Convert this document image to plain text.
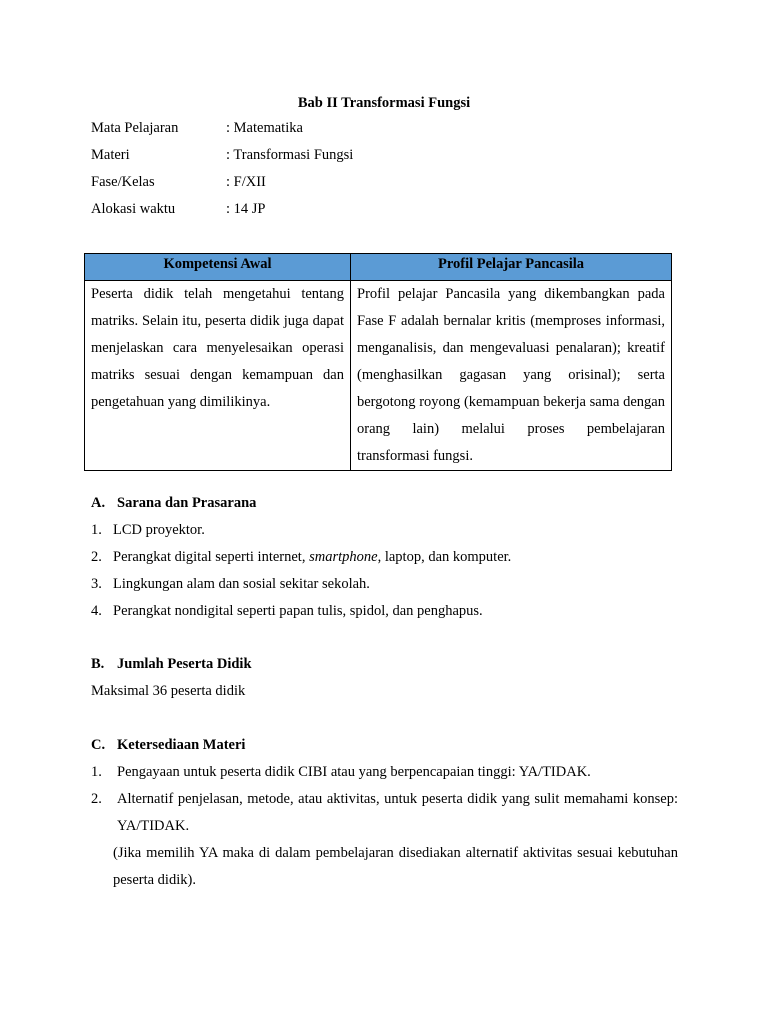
Bab II Transformasi Fungsi
Mata Pelajaran	: Matematika
Materi	: Transformasi Fungsi
Fase/Kelas	: F/XII
Alokasi waktu	: 14 JP
Kompetensi Awal	Profil Pelajar Pancasila
Peserta didik telah mengetahui tentang matriks. Selain itu, peserta didik juga dapat menjelaskan cara menyelesaikan operasi matriks sesuai dengan kemampuan dan pengetahuan yang dimilikinya.	Profil pelajar Pancasila yang dikembangkan pada Fase F adalah bernalar kritis (memproses informasi, menganalisis, dan mengevaluasi penalaran); kreatif (menghasilkan gagasan yang orisinal); serta bergotong royong (kemampuan bekerja sama dengan orang lain) melalui proses pembelajaran transformasi fungsi.
A. Sarana dan Prasarana
1. LCD proyektor.
2. Perangkat digital seperti internet, smartphone, laptop, dan komputer.
3. Lingkungan alam dan sosial sekitar sekolah.
4. Perangkat nondigital seperti papan tulis, spidol, dan penghapus.
B. Jumlah Peserta Didik
Maksimal 36 peserta didik
C. Ketersediaan Materi
1.	Pengayaan untuk peserta didik CIBI atau yang berpencapaian tinggi: YA/TIDAK.
2.	Alternatif penjelasan, metode, atau aktivitas, untuk peserta didik yang sulit memahami konsep: YA/TIDAK.
(Jika memilih YA maka di dalam pembelajaran disediakan alternatif aktivitas sesuai kebutuhan peserta didik).
